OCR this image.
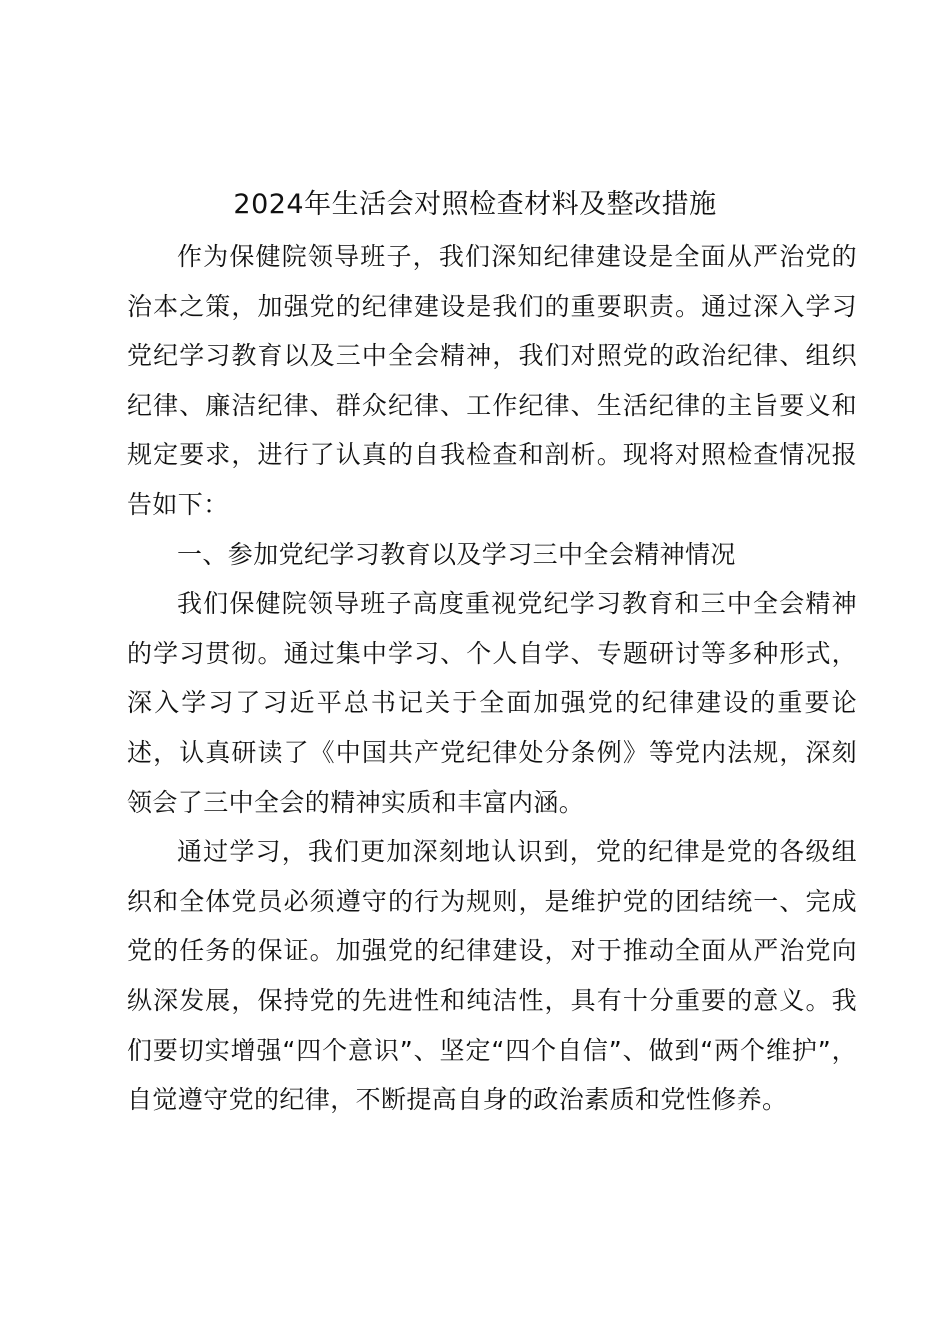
2024年生活会对照检查材料及整改措施

作为保健院领导班子，我们深知纪律建设是全面从严治党的治本之策，加强党的纪律建设是我们的重要职责。通过深入学习党纪学习教育以及三中全会精神，我们对照党的政治纪律、组织纪律、廉洁纪律、群众纪律、工作纪律、生活纪律的主旨要义和规定要求，进行了认真的自我检查和剖析。现将对照检查情况报告如下：

一、参加党纪学习教育以及学习三中全会精神情况

我们保健院领导班子高度重视党纪学习教育和三中全会精神的学习贯彻。通过集中学习、个人自学、专题研讨等多种形式，深入学习了习近平总书记关于全面加强党的纪律建设的重要论述，认真研读了《中国共产党纪律处分条例》等党内法规，深刻领会了三中全会的精神实质和丰富内涵。

通过学习，我们更加深刻地认识到，党的纪律是党的各级组织和全体党员必须遵守的行为规则，是维护党的团结统一、完成党的任务的保证。加强党的纪律建设，对于推动全面从严治党向纵深发展，保持党的先进性和纯洁性，具有十分重要的意义。我们要切实增强“四个意识”、坚定“四个自信”、做到“两个维护”，自觉遵守党的纪律，不断提高自身的政治素质和党性修养。
